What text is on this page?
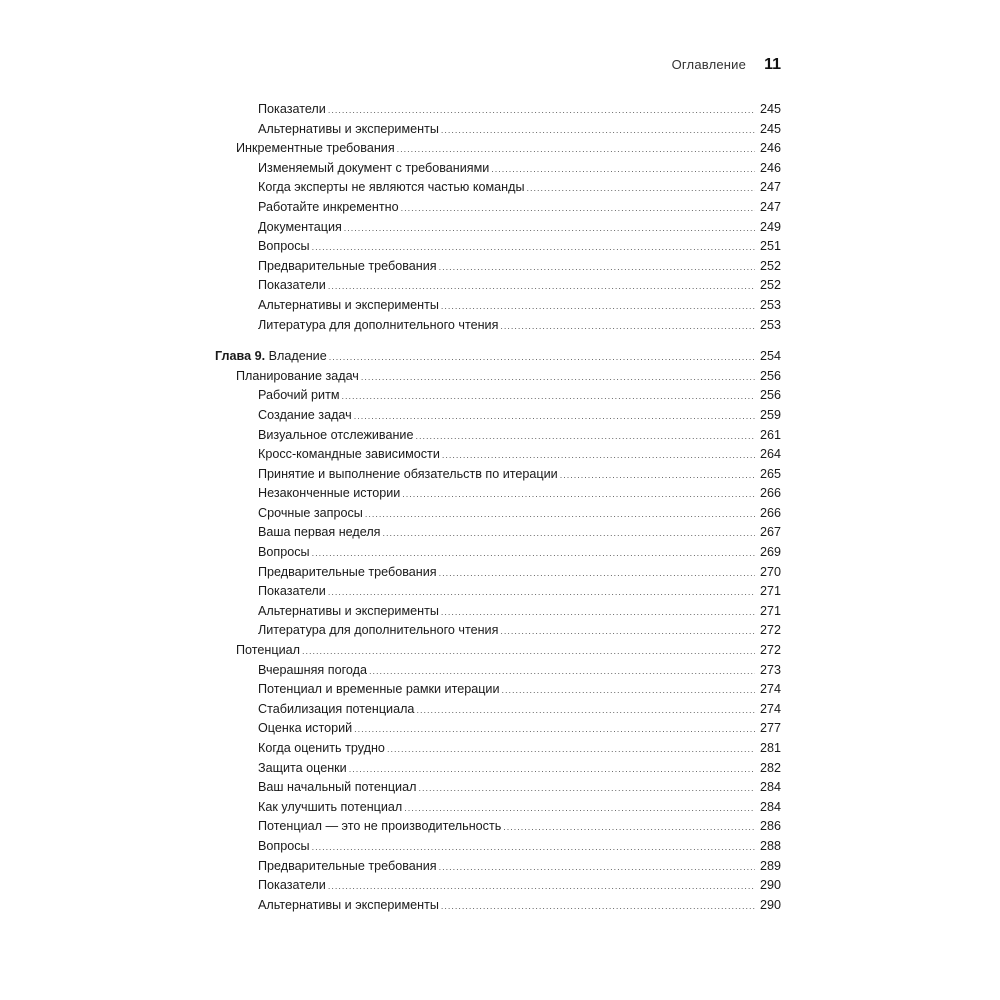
Оглавление 11
Показатели .....	245
Альтернативы и эксперименты .....	245
Инкрементные требования .....	246
Изменяемый документ с требованиями .....	246
Когда эксперты не являются частью команды .....	247
Работайте инкрементно .....	247
Документация .....	249
Вопросы .....	251
Предварительные требования .....	252
Показатели .....	252
Альтернативы и эксперименты .....	253
Литература для дополнительного чтения .....	253
Глава 9. Владение .....	254
Планирование задач .....	256
Рабочий ритм .....	256
Создание задач .....	259
Визуальное отслеживание .....	261
Кросс-командные зависимости .....	264
Принятие и выполнение обязательств по итерации .....	265
Незаконченные истории .....	266
Срочные запросы .....	266
Ваша первая неделя .....	267
Вопросы .....	269
Предварительные требования .....	270
Показатели .....	271
Альтернативы и эксперименты .....	271
Литература для дополнительного чтения .....	272
Потенциал .....	272
Вчерашняя погода .....	273
Потенциал и временные рамки итерации .....	274
Стабилизация потенциала .....	274
Оценка историй .....	277
Когда оценить трудно .....	281
Защита оценки .....	282
Ваш начальный потенциал .....	284
Как улучшить потенциал .....	284
Потенциал — это не производительность .....	286
Вопросы .....	288
Предварительные требования .....	289
Показатели .....	290
Альтернативы и эксперименты .....	290
